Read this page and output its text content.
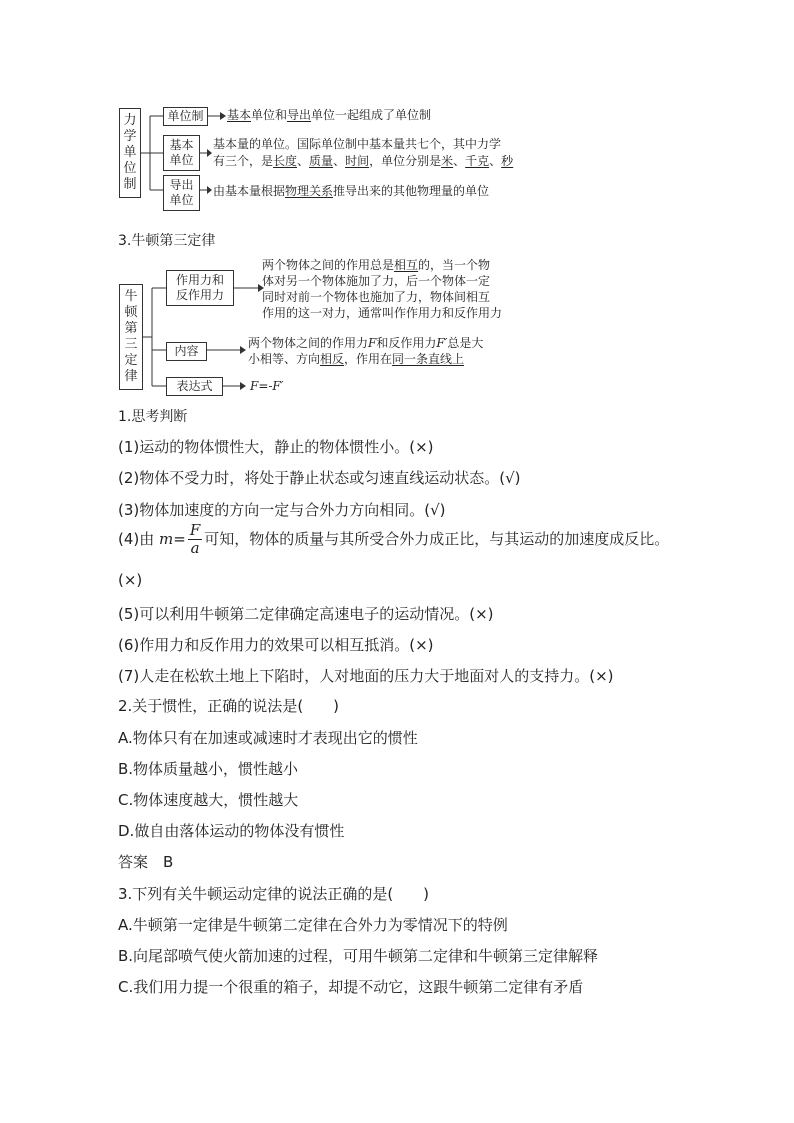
力
学
单
位
制
单位制	基本单位和导出单位一起组成了单位制
基本
单位
基本量的单位。国际单位制中基本量共七个，其中力学
有三个，是长度、质量、时间，单位分别是米、千克、秒
导出
单位
由基本量根据物理关系推导出来的其他物理量的单位
3.牛顿第三定律
牛
顿
第
三
定
律
作用力和
反作用力
两个物体之间的作用总是相互的，当一个物
体对另一个物体施加了力，后一个物体一定
同时对前一个物体也施加了力，物体间相互
作用的这一对力，通常叫作作用力和反作用力
内容
两个物体之间的作用力F和反作用力F′总是大
小相等、方向相反，作用在同一条直线上
表达式	F=-F′
1.思考判断
(1)运动的物体惯性大，静止的物体惯性小。(×)
(2)物体不受力时，将处于静止状态或匀速直线运动状态。(√)
(3)物体加速度的方向一定与合外力方向相同。(√)
(4)由 $m= \frac{F}{a}$ 可知，物体的质量与其所受合外力成正比，与其运动的加速度成反比。
(×)
(5)可以利用牛顿第二定律确定高速电子的运动情况。(×)
(6)作用力和反作用力的效果可以相互抵消。(×)
(7)人走在松软土地上下陷时，人对地面的压力大于地面对人的支持力。(×)
2.关于惯性，正确的说法是(　　)
A.物体只有在加速或减速时才表现出它的惯性
B.物体质量越小，惯性越小
C.物体速度越大，惯性越大
D.做自由落体运动的物体没有惯性
答案　B
3.下列有关牛顿运动定律的说法正确的是(　　)
A.牛顿第一定律是牛顿第二定律在合外力为零情况下的特例
B.向尾部喷气使火箭加速的过程，可用牛顿第二定律和牛顿第三定律解释
C.我们用力提一个很重的箱子，却提不动它，这跟牛顿第二定律有矛盾
